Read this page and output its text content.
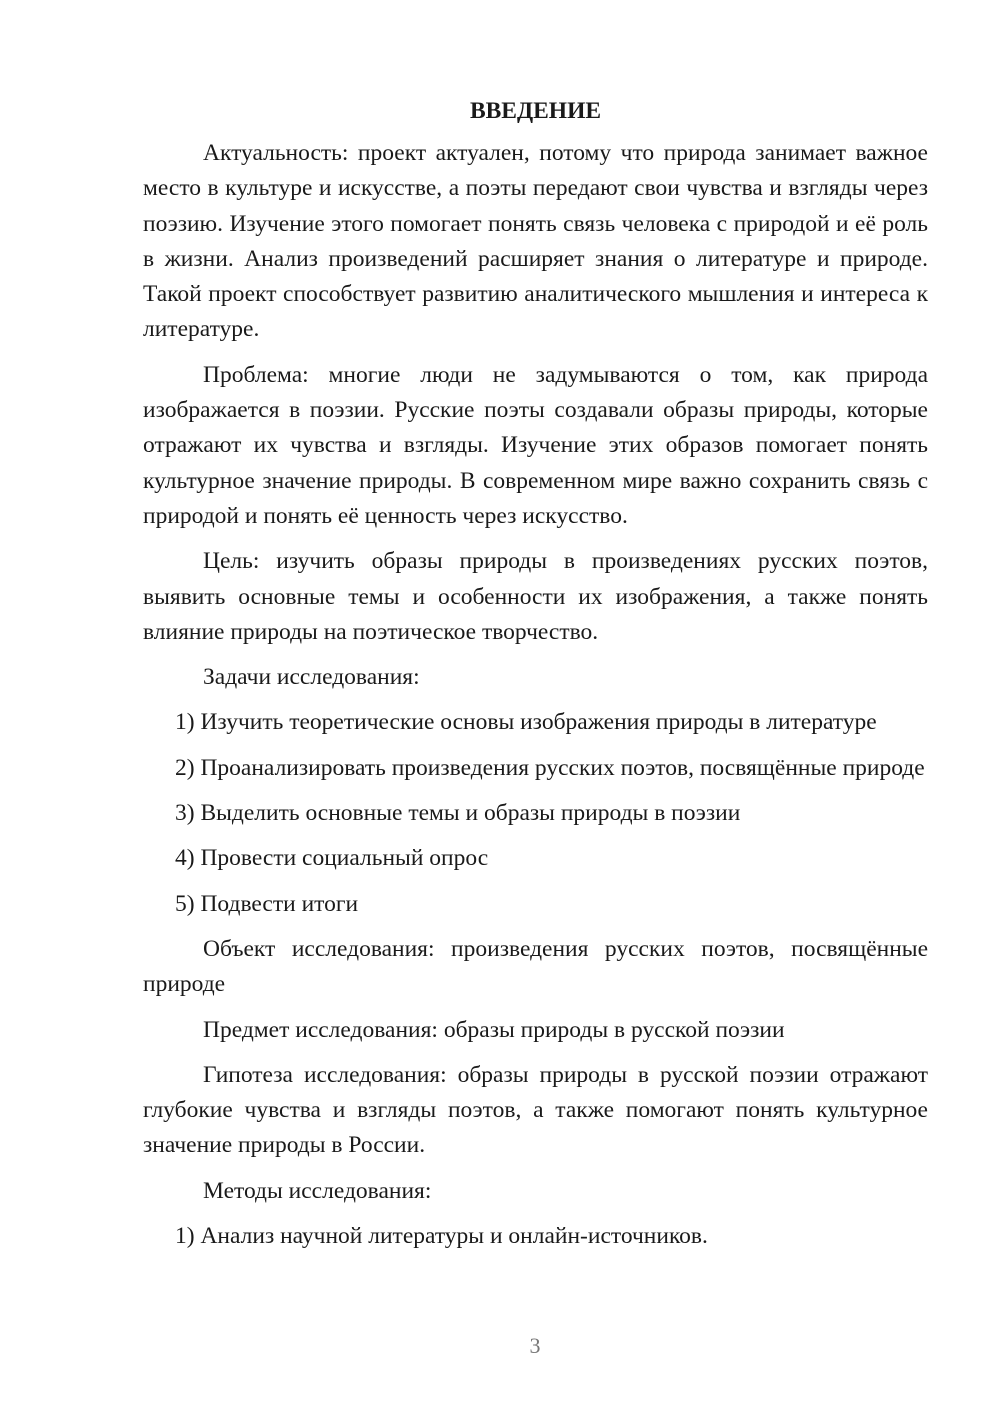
ВВЕДЕНИЕ

Актуальность: проект актуален, потому что природа занимает важное место в культуре и искусстве, а поэты передают свои чувства и взгляды через поэзию. Изучение этого помогает понять связь человека с природой и её роль в жизни. Анализ произведений расширяет знания о литературе и природе. Такой проект способствует развитию аналитического мышления и интереса к литературе.

Проблема: многие люди не задумываются о том, как природа изображается в поэзии. Русские поэты создавали образы природы, которые отражают их чувства и взгляды. Изучение этих образов помогает понять культурное значение природы. В современном мире важно сохранить связь с природой и понять её ценность через искусство.

Цель: изучить образы природы в произведениях русских поэтов, выявить основные темы и особенности их изображения, а также понять влияние природы на поэтическое творчество.

Задачи исследования:

1) Изучить теоретические основы изображения природы в литературе

2) Проанализировать произведения русских поэтов, посвящённые природе

3) Выделить основные темы и образы природы в поэзии

4) Провести социальный опрос

5) Подвести итоги

Объект исследования: произведения русских поэтов, посвящённые природе

Предмет исследования: образы природы в русской поэзии

Гипотеза исследования: образы природы в русской поэзии отражают глубокие чувства и взгляды поэтов, а также помогают понять культурное значение природы в России.

Методы исследования:

1) Анализ научной литературы и онлайн-источников.

3
